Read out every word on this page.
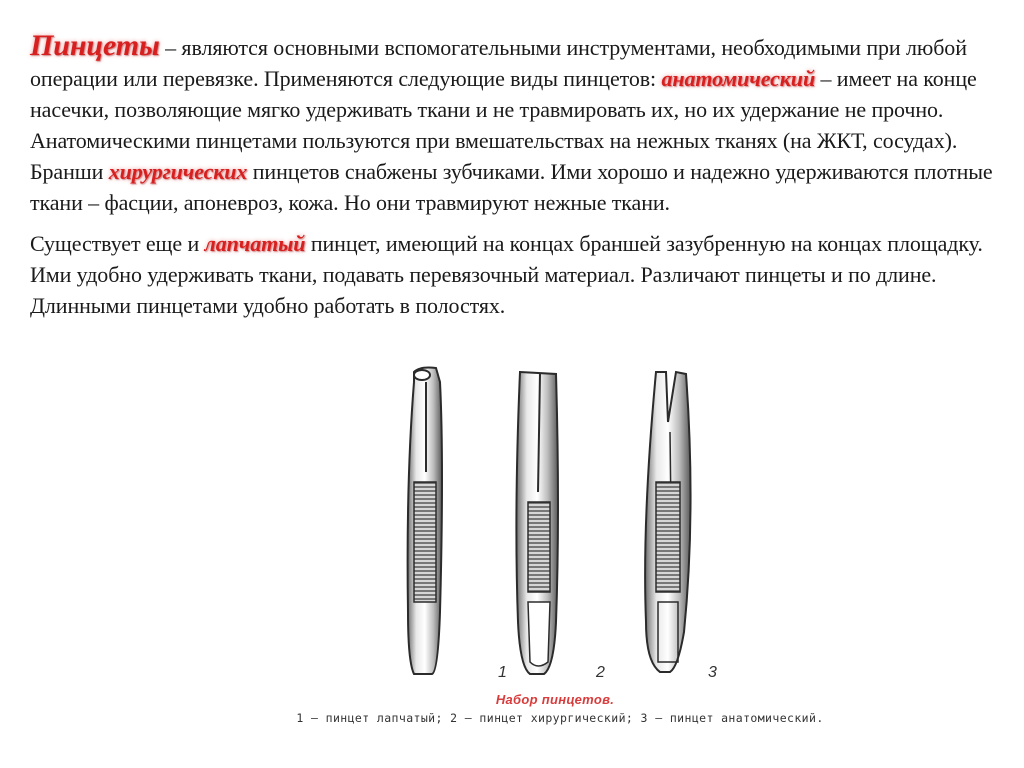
Пинцеты – являются основными вспомогательными инструментами, необходимыми при любой операции или перевязке. Применяются следующие виды пинцетов: анатомический – имеет на конце насечки, позволяющие мягко удерживать ткани и не травмировать их, но их удержание не прочно. Анатомическими пинцетами пользуются при вмешательствах на нежных тканях (на ЖКТ, сосудах). Бранши хирургических пинцетов снабжены зубчиками. Ими хорошо и надежно удерживаются плотные ткани – фасции, апоневроз, кожа. Но они травмируют нежные ткани.

Существует еще и лапчатый пинцет, имеющий на концах браншей зазубренную на концах площадку. Ими удобно удерживать ткани, подавать перевязочный материал. Различают пинцеты и по длине. Длинными пинцетами удобно работать в полостях.

1	2	3
Набор пинцетов.
1 – пинцет лапчатый; 2 – пинцет хирургический; 3 – пинцет анатомический.
